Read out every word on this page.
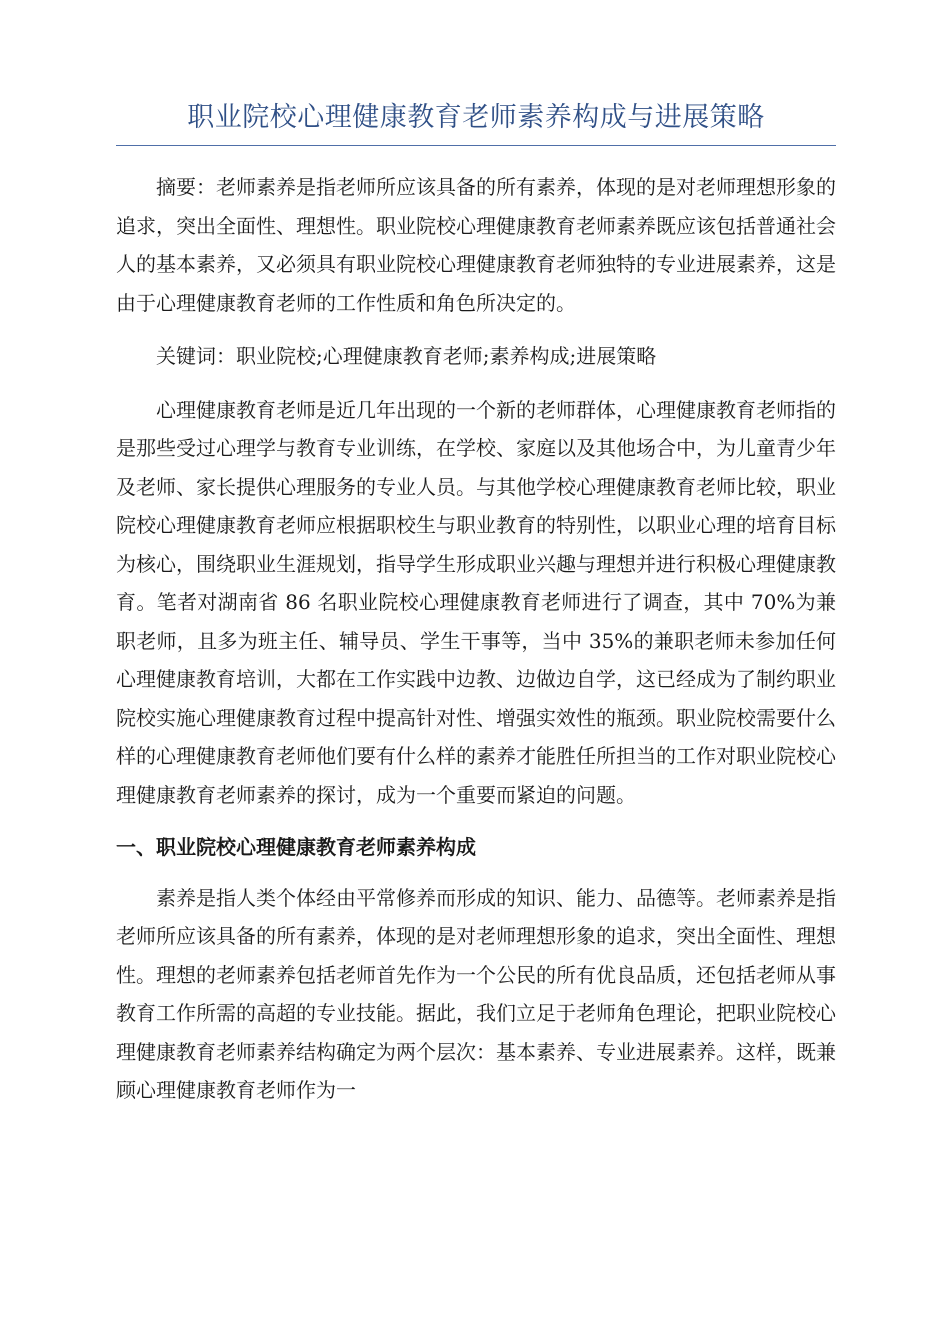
职业院校心理健康教育老师素养构成与进展策略

摘要：老师素养是指老师所应该具备的所有素养，体现的是对老师理想形象的追求，突出全面性、理想性。职业院校心理健康教育老师素养既应该包括普通社会人的基本素养，又必须具有职业院校心理健康教育老师独特的专业进展素养，这是由于心理健康教育老师的工作性质和角色所决定的。

关键词：职业院校;心理健康教育老师;素养构成;进展策略

心理健康教育老师是近几年出现的一个新的老师群体，心理健康教育老师指的是那些受过心理学与教育专业训练，在学校、家庭以及其他场合中，为儿童青少年及老师、家长提供心理服务的专业人员。与其他学校心理健康教育老师比较，职业院校心理健康教育老师应根据职校生与职业教育的特别性，以职业心理的培育目标为核心，围绕职业生涯规划，指导学生形成职业兴趣与理想并进行积极心理健康教育。笔者对湖南省 86 名职业院校心理健康教育老师进行了调查，其中 70%为兼职老师，且多为班主任、辅导员、学生干事等，当中 35%的兼职老师未参加任何心理健康教育培训，大都在工作实践中边教、边做边自学，这已经成为了制约职业院校实施心理健康教育过程中提高针对性、增强实效性的瓶颈。职业院校需要什么样的心理健康教育老师他们要有什么样的素养才能胜任所担当的工作对职业院校心理健康教育老师素养的探讨，成为一个重要而紧迫的问题。

一、职业院校心理健康教育老师素养构成

素养是指人类个体经由平常修养而形成的知识、能力、品德等。老师素养是指老师所应该具备的所有素养，体现的是对老师理想形象的追求，突出全面性、理想性。理想的老师素养包括老师首先作为一个公民的所有优良品质，还包括老师从事教育工作所需的高超的专业技能。据此，我们立足于老师角色理论，把职业院校心理健康教育老师素养结构确定为两个层次：基本素养、专业进展素养。这样，既兼顾心理健康教育老师作为一
